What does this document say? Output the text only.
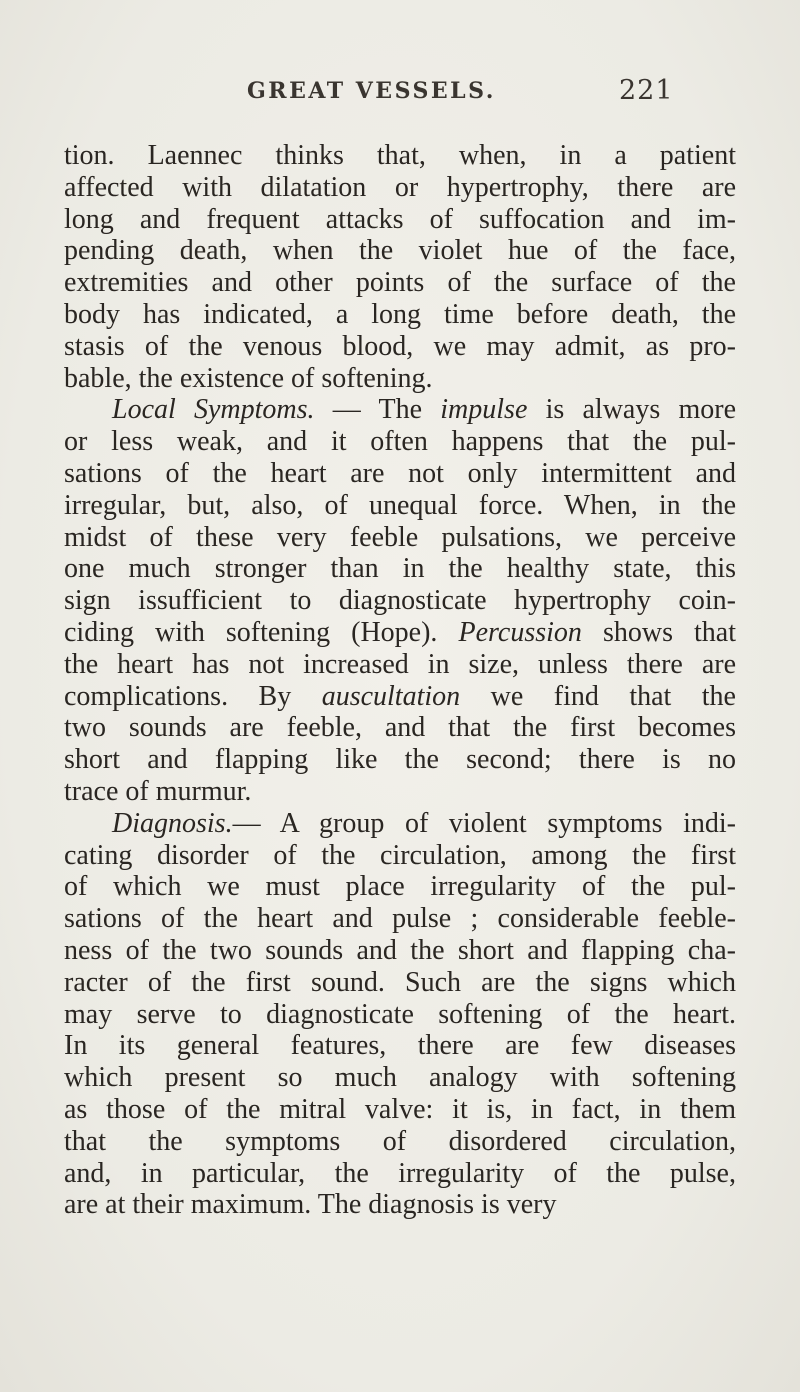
GREAT VESSELS.	221
tion. Laennec thinks that, when, in a patient
affected with dilatation or hypertrophy, there are
long and frequent attacks of suffocation and im-
pending death, when the violet hue of the face,
extremities and other points of the surface of the
body has indicated, a long time before death, the
stasis of the venous blood, we may admit, as pro-
bable, the existence of softening.
Local Symptoms. — The impulse is always more
or less weak, and it often happens that the pul-
sations of the heart are not only intermittent and
irregular, but, also, of unequal force. When, in the
midst of these very feeble pulsations, we perceive
one much stronger than in the healthy state, this
sign issufficient to diagnosticate hypertrophy coin-
ciding with softening (Hope). Percussion shows that
the heart has not increased in size, unless there are
complications. By auscultation we find that the
two sounds are feeble, and that the first becomes
short and flapping like the second; there is no
trace of murmur.
Diagnosis.— A group of violent symptoms indi-
cating disorder of the circulation, among the first
of which we must place irregularity of the pul-
sations of the heart and pulse ; considerable feeble-
ness of the two sounds and the short and flapping cha-
racter of the first sound. Such are the signs which
may serve to diagnosticate softening of the heart.
In its general features, there are few diseases
which present so much analogy with softening
as those of the mitral valve: it is, in fact, in them
that the symptoms of disordered circulation,
and, in particular, the irregularity of the pulse,
are at their maximum. The diagnosis is very
